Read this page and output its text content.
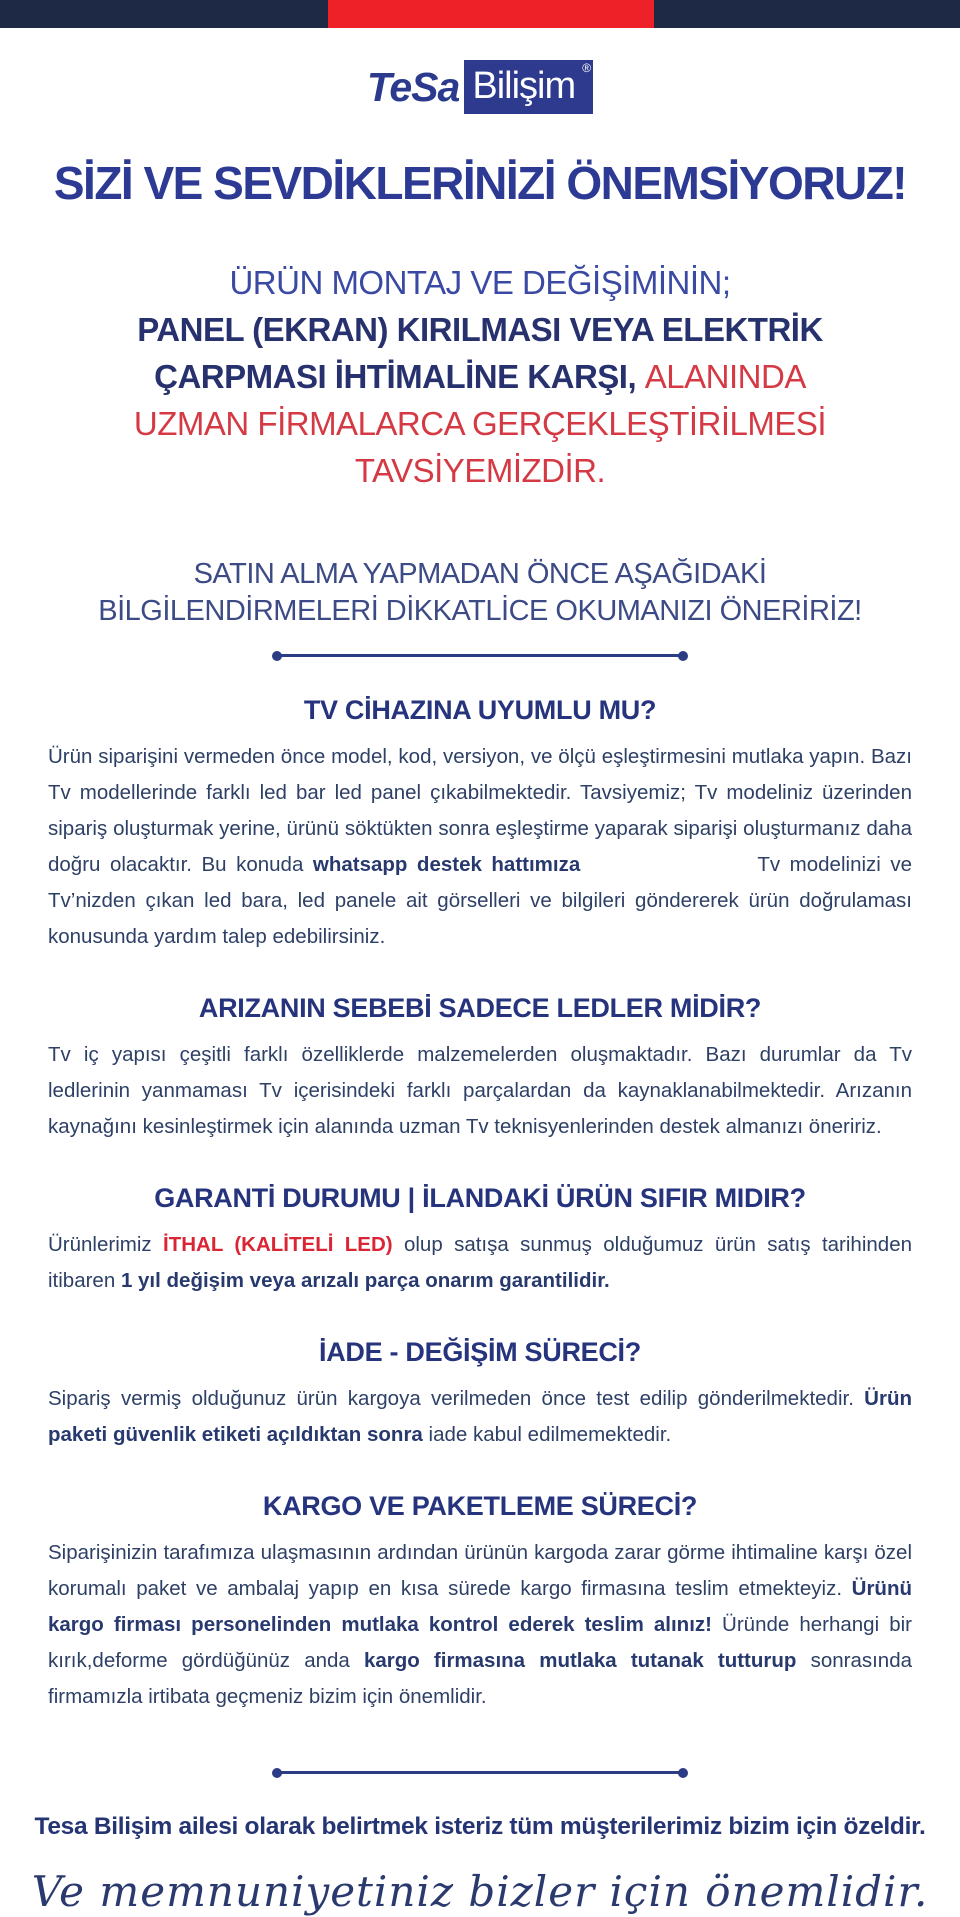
TeSa Bilişim ®
SİZİ VE SEVDİKLERİNİZİ ÖNEMSİYORUZ!
ÜRÜN MONTAJ VE DEĞİŞİMİNİN;
PANEL (EKRAN) KIRILMASI VEYA ELEKTRİK
ÇARPMASI İHTİMALİNE KARŞI, ALANINDA
UZMAN FİRMALARCA GERÇEKLEŞTİRİLMESİ
TAVSİYEMİZDİR.
SATIN ALMA YAPMADAN ÖNCE AŞAĞIDAKİ BİLGİLENDİRMELERİ DİKKATLİCE OKUMANIZI ÖNERİRİZ!
TV CİHAZINA UYUMLU MU?

Ürün siparişini vermeden önce model, kod, versiyon, ve ölçü eşleştirmesini mutlaka yapın. Bazı Tv modellerinde farklı led bar led panel çıkabilmektedir. Tavsiyemiz; Tv modeliniz üzerinden sipariş oluşturmak yerine, ürünü söktükten sonra eşleştirme yaparak siparişi oluşturmanız daha doğru olacaktır. Bu konuda whatsapp destek hattımıza	Tv modelinizi ve Tv’nizden çıkan led bara, led panele ait görselleri ve bilgileri göndererek ürün doğrulaması konusunda yardım talep edebilirsiniz.

ARIZANIN SEBEBİ SADECE LEDLER MİDİR?

Tv iç yapısı çeşitli farklı özelliklerde malzemelerden oluşmaktadır. Bazı durumlar da Tv ledlerinin yanmaması Tv içerisindeki farklı parçalardan da kaynaklanabilmektedir. Arızanın kaynağını kesinleştirmek için alanında uzman Tv teknisyenlerinden destek almanızı öneririz.

GARANTİ DURUMU | İLANDAKİ ÜRÜN SIFIR MIDIR?

Ürünlerimiz İTHAL (KALİTELİ LED) olup satışa sunmuş olduğumuz ürün satış tarihinden itibaren 1 yıl değişim veya arızalı parça onarım garantilidir.

İADE - DEĞİŞİM SÜRECİ?

Sipariş vermiş olduğunuz ürün kargoya verilmeden önce test edilip gönderilmektedir. Ürün paketi güvenlik etiketi açıldıktan sonra iade kabul edilmemektedir.

KARGO VE PAKETLEME SÜRECİ?

Siparişinizin tarafımıza ulaşmasının ardından ürünün kargoda zarar görme ihtimaline karşı özel korumalı paket ve ambalaj yapıp en kısa sürede kargo firmasına teslim etmekteyiz. Ürünü kargo firması personelinden mutlaka kontrol ederek teslim alınız! Üründe herhangi bir kırık,deforme gördüğünüz anda kargo firmasına mutlaka tutanak tutturup sonrasında firmamızla irtibata geçmeniz bizim için önemlidir.

Tesa Bilişim ailesi olarak belirtmek isteriz tüm müşterilerimiz bizim için özeldir.
Ve memnuniyetiniz bizler için önemlidir.
